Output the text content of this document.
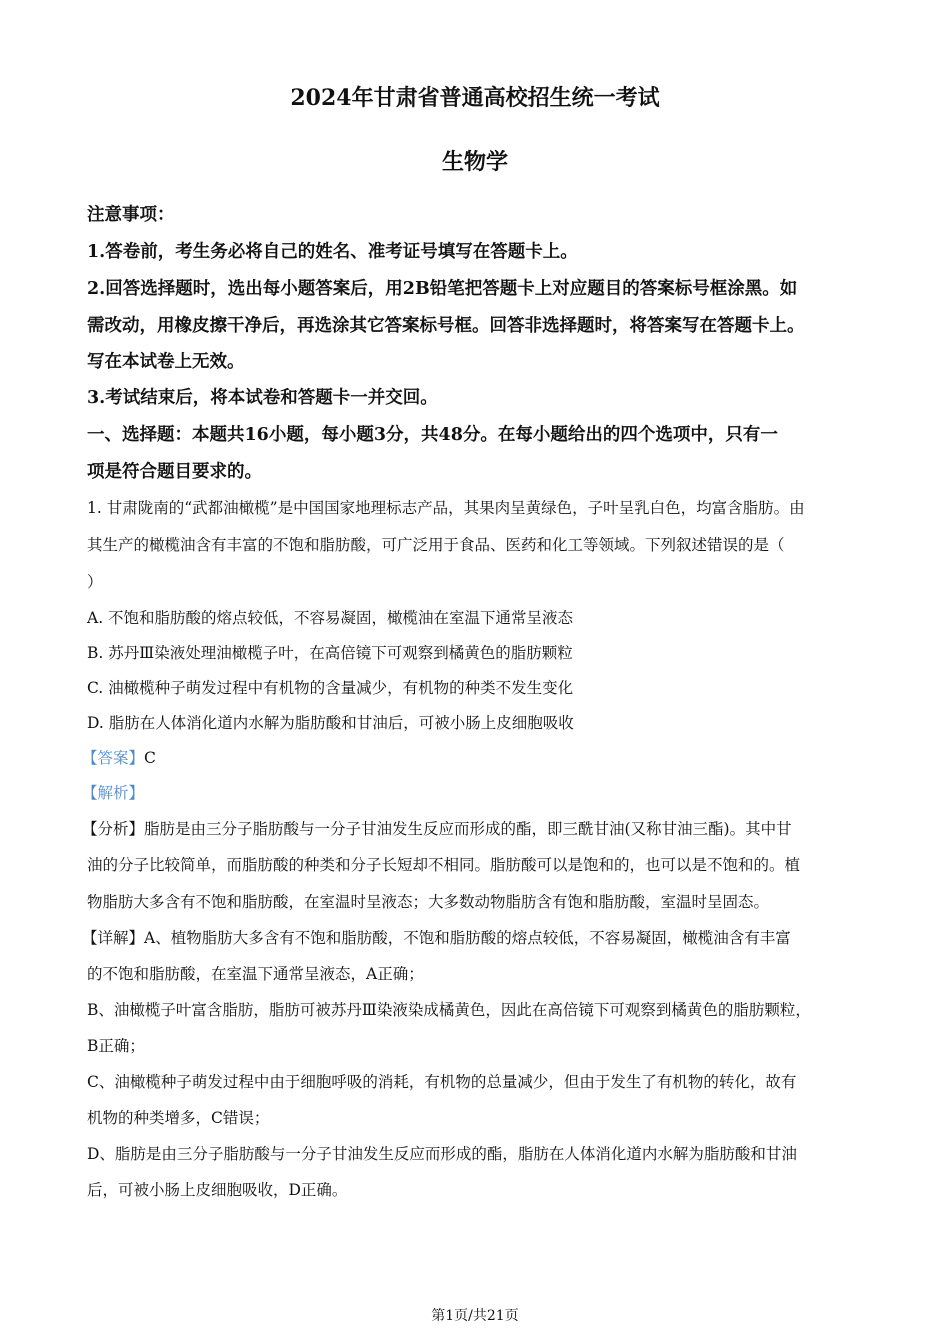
2024年甘肃省普通高校招生统一考试
生物学
注意事项：
1.答卷前，考生务必将自己的姓名、准考证号填写在答题卡上。
2.回答选择题时，选出每小题答案后，用2B铅笔把答题卡上对应题目的答案标号框涂黑。如
需改动，用橡皮擦干净后，再选涂其它答案标号框。回答非选择题时，将答案写在答题卡上。
写在本试卷上无效。
3.考试结束后，将本试卷和答题卡一并交回。
一、选择题：本题共16小题，每小题3分，共48分。在每小题给出的四个选项中，只有一
项是符合题目要求的。
1. 甘肃陇南的“武都油橄榄”是中国国家地理标志产品，其果肉呈黄绿色，子叶呈乳白色，均富含脂肪。由
其生产的橄榄油含有丰富的不饱和脂肪酸，可广泛用于食品、医药和化工等领域。下列叙述错误的是（
）
A. 不饱和脂肪酸的熔点较低，不容易凝固，橄榄油在室温下通常呈液态
B. 苏丹Ⅲ染液处理油橄榄子叶，在高倍镜下可观察到橘黄色的脂肪颗粒
C. 油橄榄种子萌发过程中有机物的含量减少，有机物的种类不发生变化
D. 脂肪在人体消化道内水解为脂肪酸和甘油后，可被小肠上皮细胞吸收
【答案】C
【解析】
【分析】脂肪是由三分子脂肪酸与一分子甘油发生反应而形成的酯，即三酰甘油(又称甘油三酯)。其中甘
油的分子比较简单，而脂肪酸的种类和分子长短却不相同。脂肪酸可以是饱和的，也可以是不饱和的。植
物脂肪大多含有不饱和脂肪酸，在室温时呈液态；大多数动物脂肪含有饱和脂肪酸，室温时呈固态。
【详解】A、植物脂肪大多含有不饱和脂肪酸，不饱和脂肪酸的熔点较低，不容易凝固，橄榄油含有丰富
的不饱和脂肪酸，在室温下通常呈液态，A正确；
B、油橄榄子叶富含脂肪，脂肪可被苏丹Ⅲ染液染成橘黄色，因此在高倍镜下可观察到橘黄色的脂肪颗粒，
B正确；
C、油橄榄种子萌发过程中由于细胞呼吸的消耗，有机物的总量减少，但由于发生了有机物的转化，故有
机物的种类增多，C错误；
D、脂肪是由三分子脂肪酸与一分子甘油发生反应而形成的酯，脂肪在人体消化道内水解为脂肪酸和甘油
后，可被小肠上皮细胞吸收，D正确。
第1页/共21页
